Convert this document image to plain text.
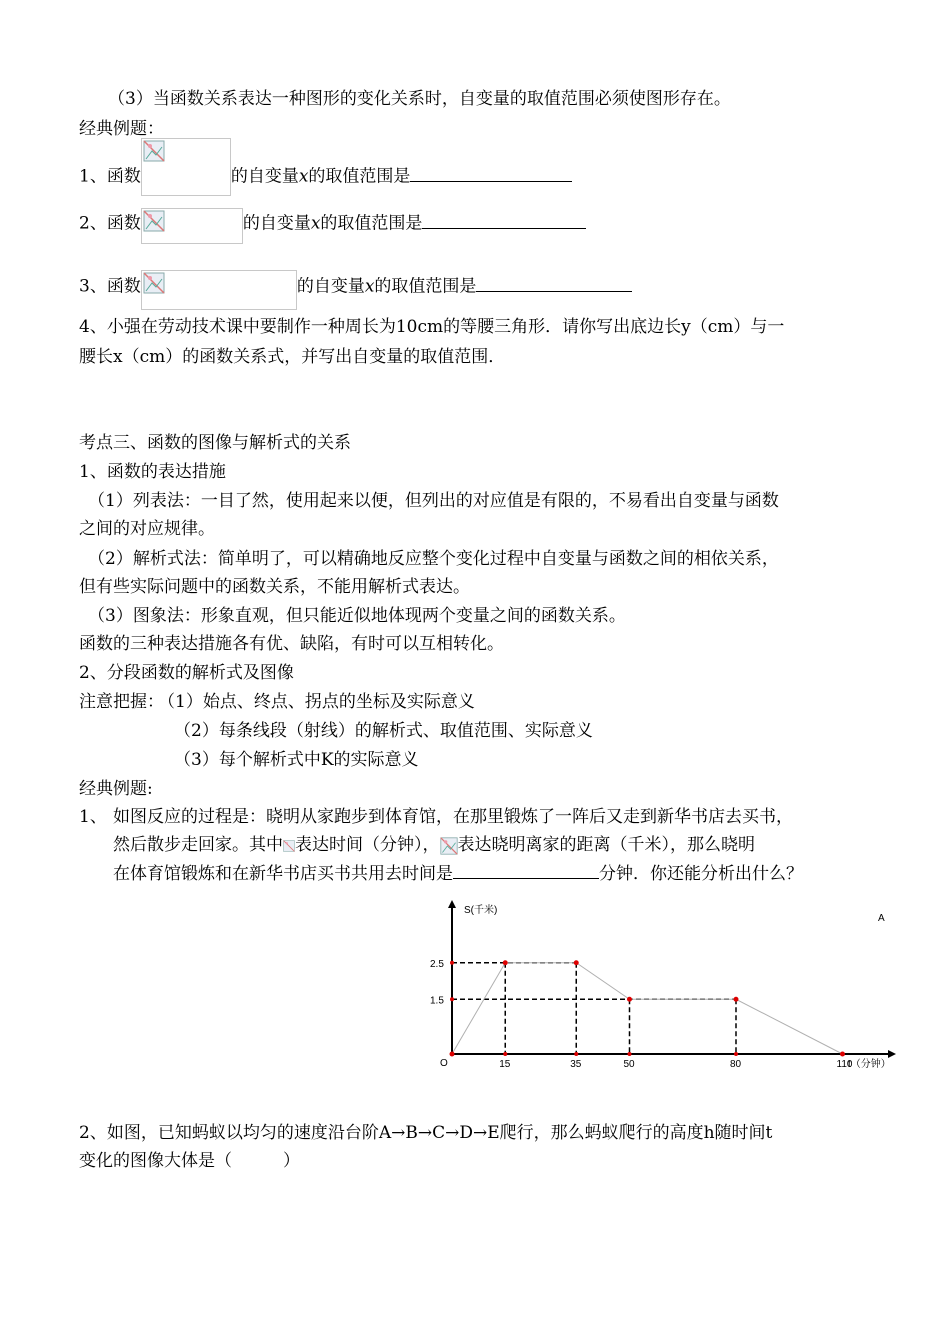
（3）当函数关系表达一种图形的变化关系时，自变量的取值范围必须使图形存在。
经典例题：
1、函数	的自变量x的取值范围是
2、函数	的自变量x的取值范围是
3、函数	的自变量x的取值范围是
4、小强在劳动技术课中要制作一种周长为10cm的等腰三角形．请你写出底边长y（cm）与一
腰长x（cm）的函数关系式，并写出自变量的取值范围．
考点三、函数的图像与解析式的关系
1、函数的表达措施
（1）列表法：一目了然，使用起来以便，但列出的对应值是有限的，不易看出自变量与函数
之间的对应规律。
（2）解析式法：简单明了，可以精确地反应整个变化过程中自变量与函数之间的相依关系，
但有些实际问题中的函数关系，不能用解析式表达。
（3）图象法：形象直观，但只能近似地体现两个变量之间的函数关系。
函数的三种表达措施各有优、缺陷，有时可以互相转化。
2、分段函数的解析式及图像
注意把握：
（1）始点、终点、拐点的坐标及实际意义
（2）每条线段（射线）的解析式、取值范围、实际意义
（3）每个解析式中K的实际意义
经典例题:
1、 如图反应的过程是：晓明从家跑步到体育馆，在那里锻炼了一阵后又走到新华书店去买书，
然后散步走回家。其中 表达时间（分钟）， 表达晓明离家的距离（千米），那么晓明
在体育馆锻炼和在新华书店买书共用去时间是	分钟．你还能分析出什么？
S(千米)
t（分钟）
A
O
2.5
1.5
15	35	50	80	110
2、如图，已知蚂蚁以均匀的速度沿台阶A→B→C→D→E爬行，那么蚂蚁爬行的高度h随时间t
变化的图像大体是（　　　）
